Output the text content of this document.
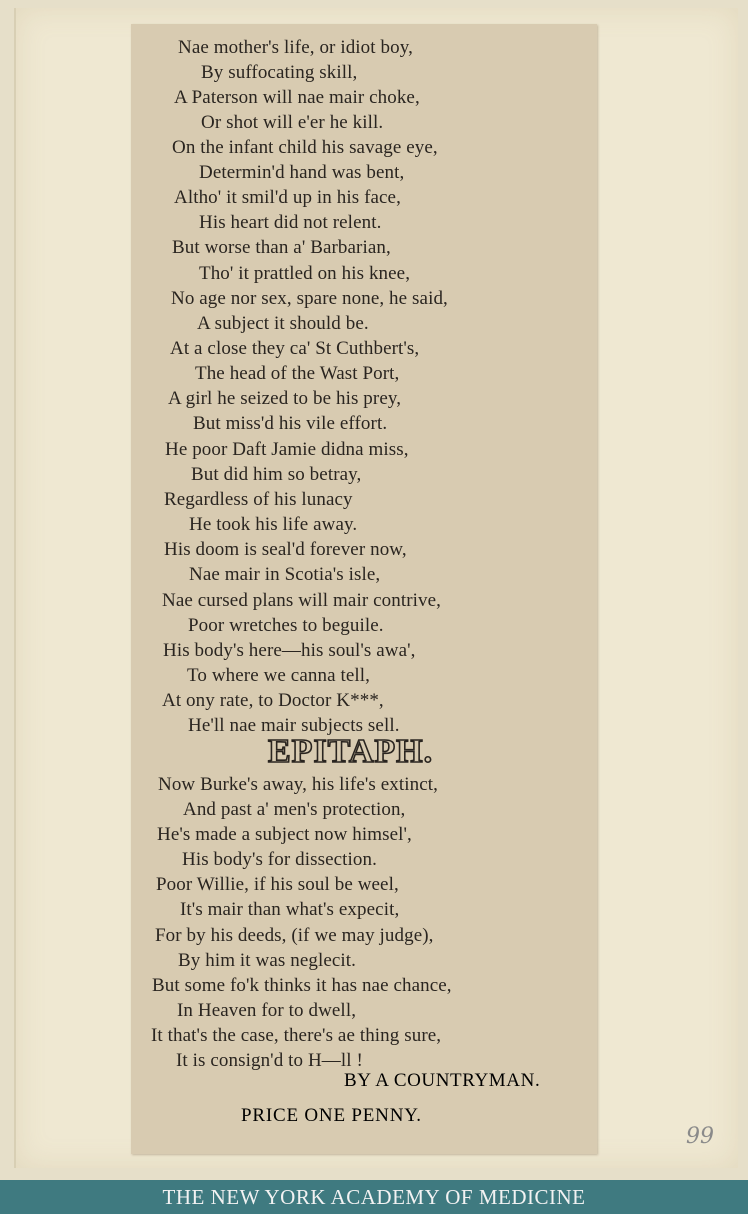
Nae mother's life, or idiot boy,
By suffocating skill,
A Paterson will nae mair choke,
Or shot will e'er he kill.
On the infant child his savage eye,
Determin'd hand was bent,
Altho' it smil'd up in his face,
His heart did not relent.
But worse than a' Barbarian,
Tho' it prattled on his knee,
No age nor sex, spare none, he said,
A subject it should be.
At a close they ca' St Cuthbert's,
The head of the Wast Port,
A girl he seized to be his prey,
But miss'd his vile effort.
He poor Daft Jamie didna miss,
But did him so betray,
Regardless of his lunacy
He took his life away.
His doom is seal'd forever now,
Nae mair in Scotia's isle,
Nae cursed plans will mair contrive,
Poor wretches to beguile.
His body's here—his soul's awa',
To where we canna tell,
At ony rate, to Doctor K***,
He'll nae mair subjects sell.
EPITAPH.
Now Burke's away, his life's extinct,
And past a' men's protection,
He's made a subject now himsel',
His body's for dissection.
Poor Willie, if his soul be weel,
It's mair than what's expecit,
For by his deeds, (if we may judge),
By him it was neglecit.
But some fo'k thinks it has nae chance,
In Heaven for to dwell,
It that's the case, there's ae thing sure,
It is consign'd to H—ll !
BY A COUNTRYMAN.
PRICE ONE PENNY.
99
THE NEW YORK ACADEMY OF MEDICINE
